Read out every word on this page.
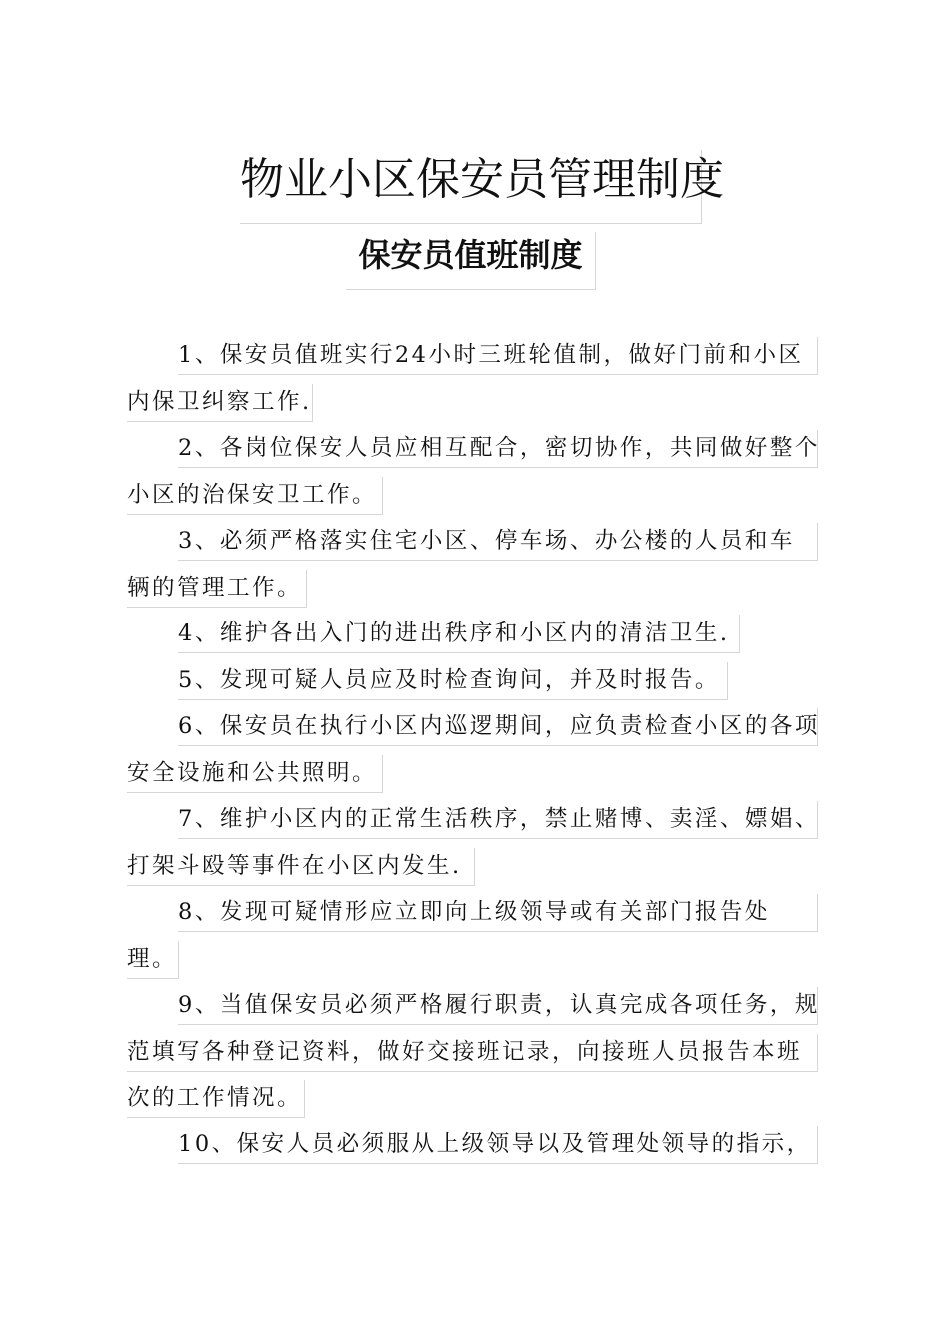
物业小区保安员管理制度
保安员值班制度
1、保安员值班实行24小时三班轮值制，做好门前和小区
内保卫纠察工作.
2、各岗位保安人员应相互配合，密切协作，共同做好整个
小区的治保安卫工作。
3、必须严格落实住宅小区、停车场、办公楼的人员和车
辆的管理工作。
4、维护各出入门的进出秩序和小区内的清洁卫生.
5、发现可疑人员应及时检查询问，并及时报告。
6、保安员在执行小区内巡逻期间，应负责检查小区的各项
安全设施和公共照明。
7、维护小区内的正常生活秩序，禁止赌博、卖淫、嫖娼、
打架斗殴等事件在小区内发生.
8、发现可疑情形应立即向上级领导或有关部门报告处
理。
9、当值保安员必须严格履行职责，认真完成各项任务，规
范填写各种登记资料，做好交接班记录，向接班人员报告本班
次的工作情况。
10、保安人员必须服从上级领导以及管理处领导的指示，
